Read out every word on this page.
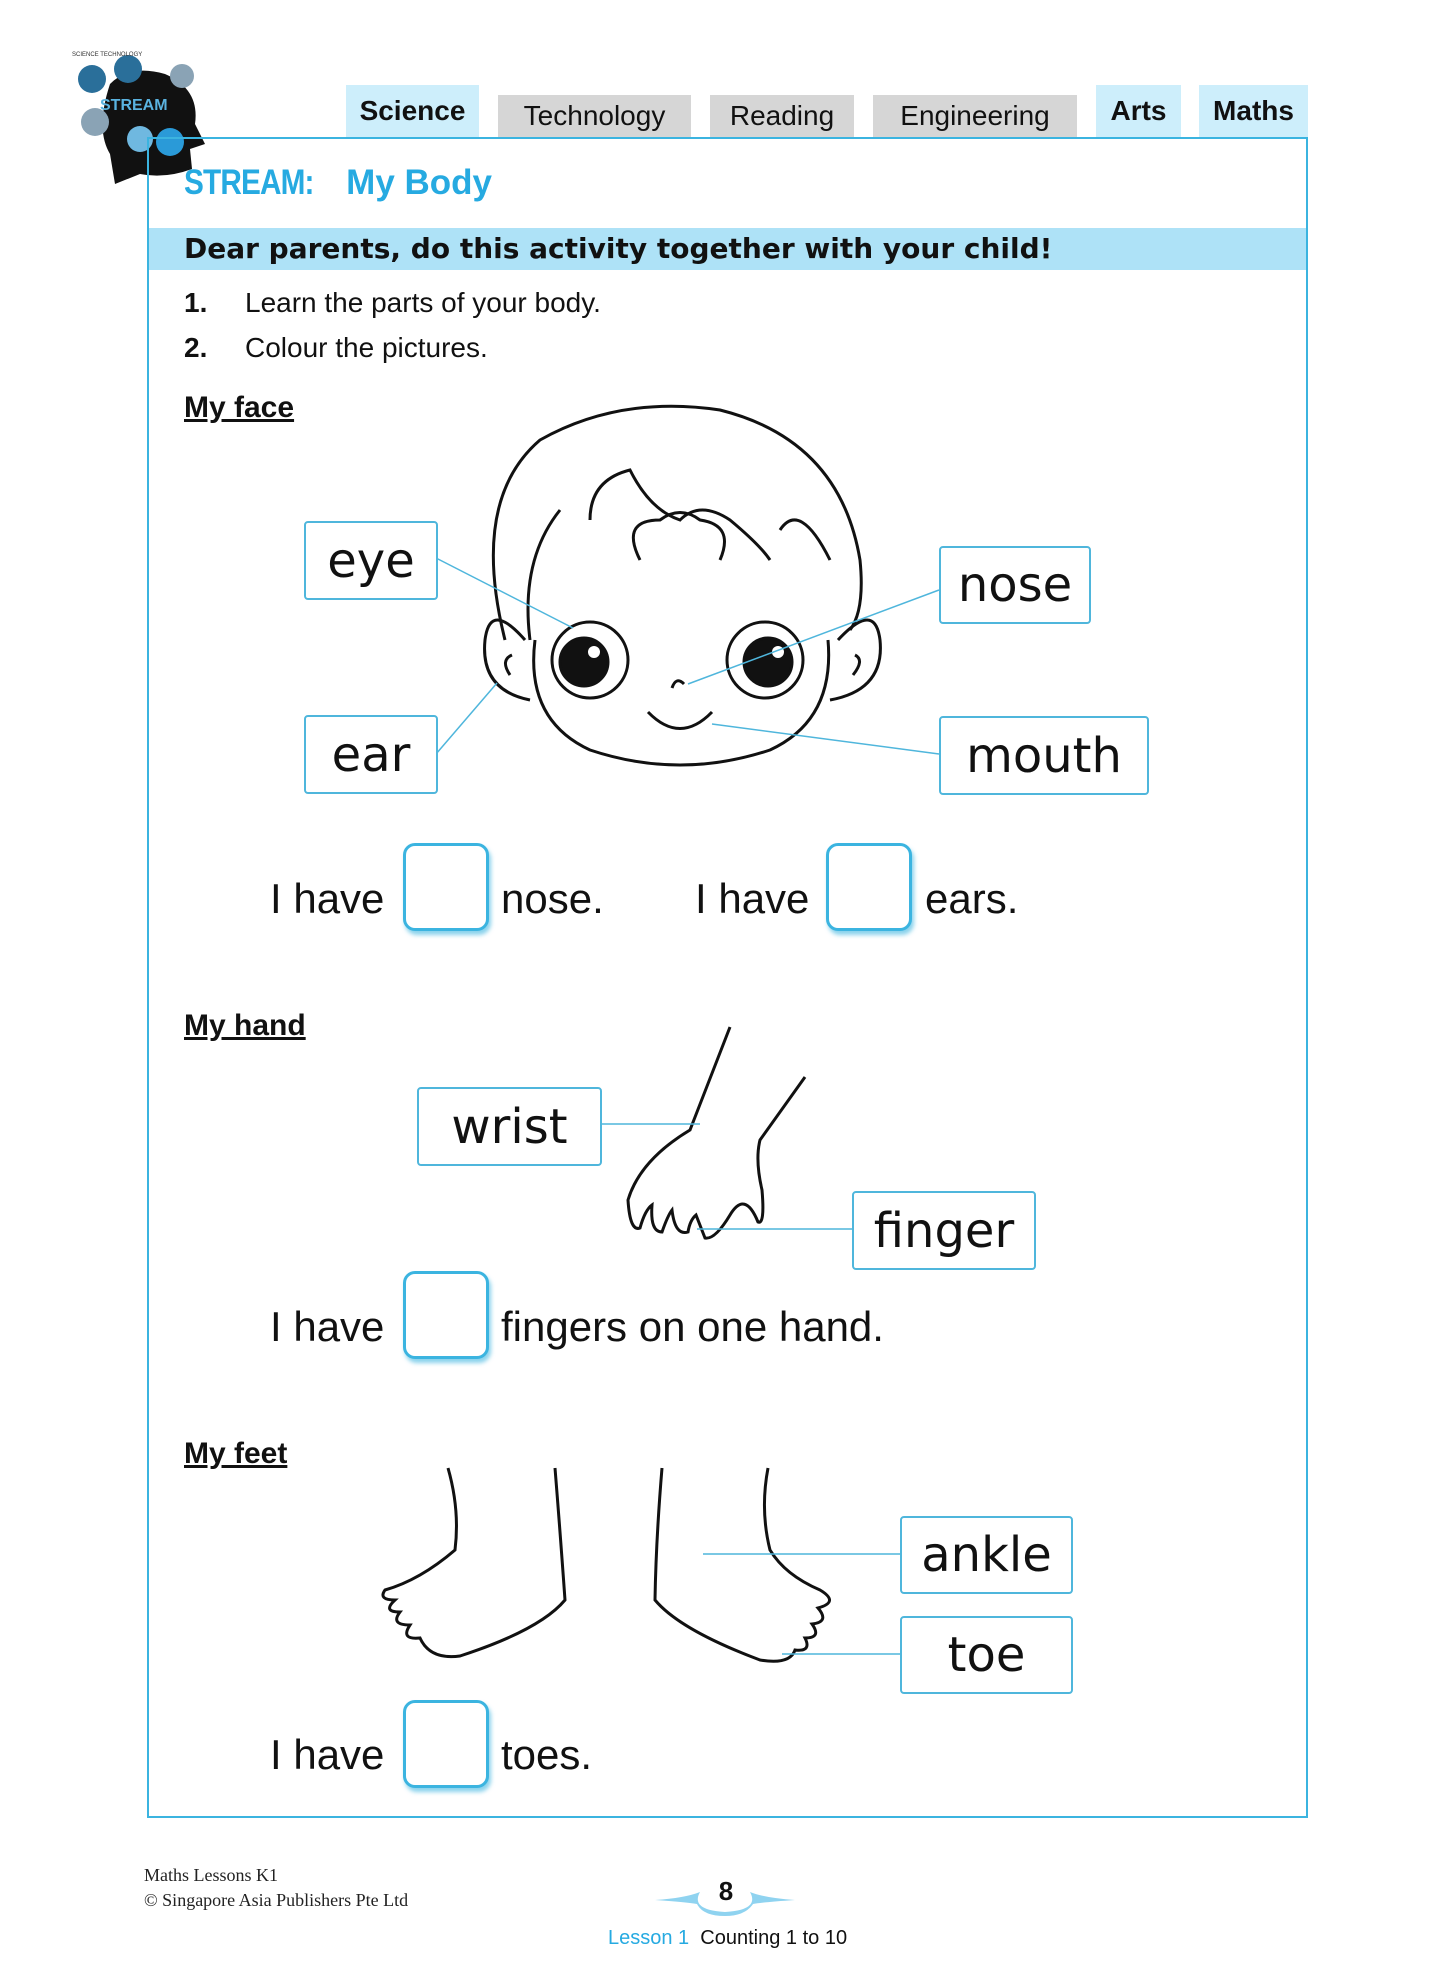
STREAM
SCIENCE TECHNOLOGY
Science	Technology	Reading	Engineering	Arts	Maths
STREAM: My Body
Dear parents, do this activity together with your child!
1. Learn the parts of your body.
2. Colour the pictures.
My face
eye
ear
nose
mouth
I have	nose. I have	ears.
My hand
wrist
finger
I have	fingers on one hand.
My feet
ankle
toe
I have	toes.
Maths Lessons K1
© Singapore Asia Publishers Pte Ltd	8
Lesson 1 Counting 1 to 10
